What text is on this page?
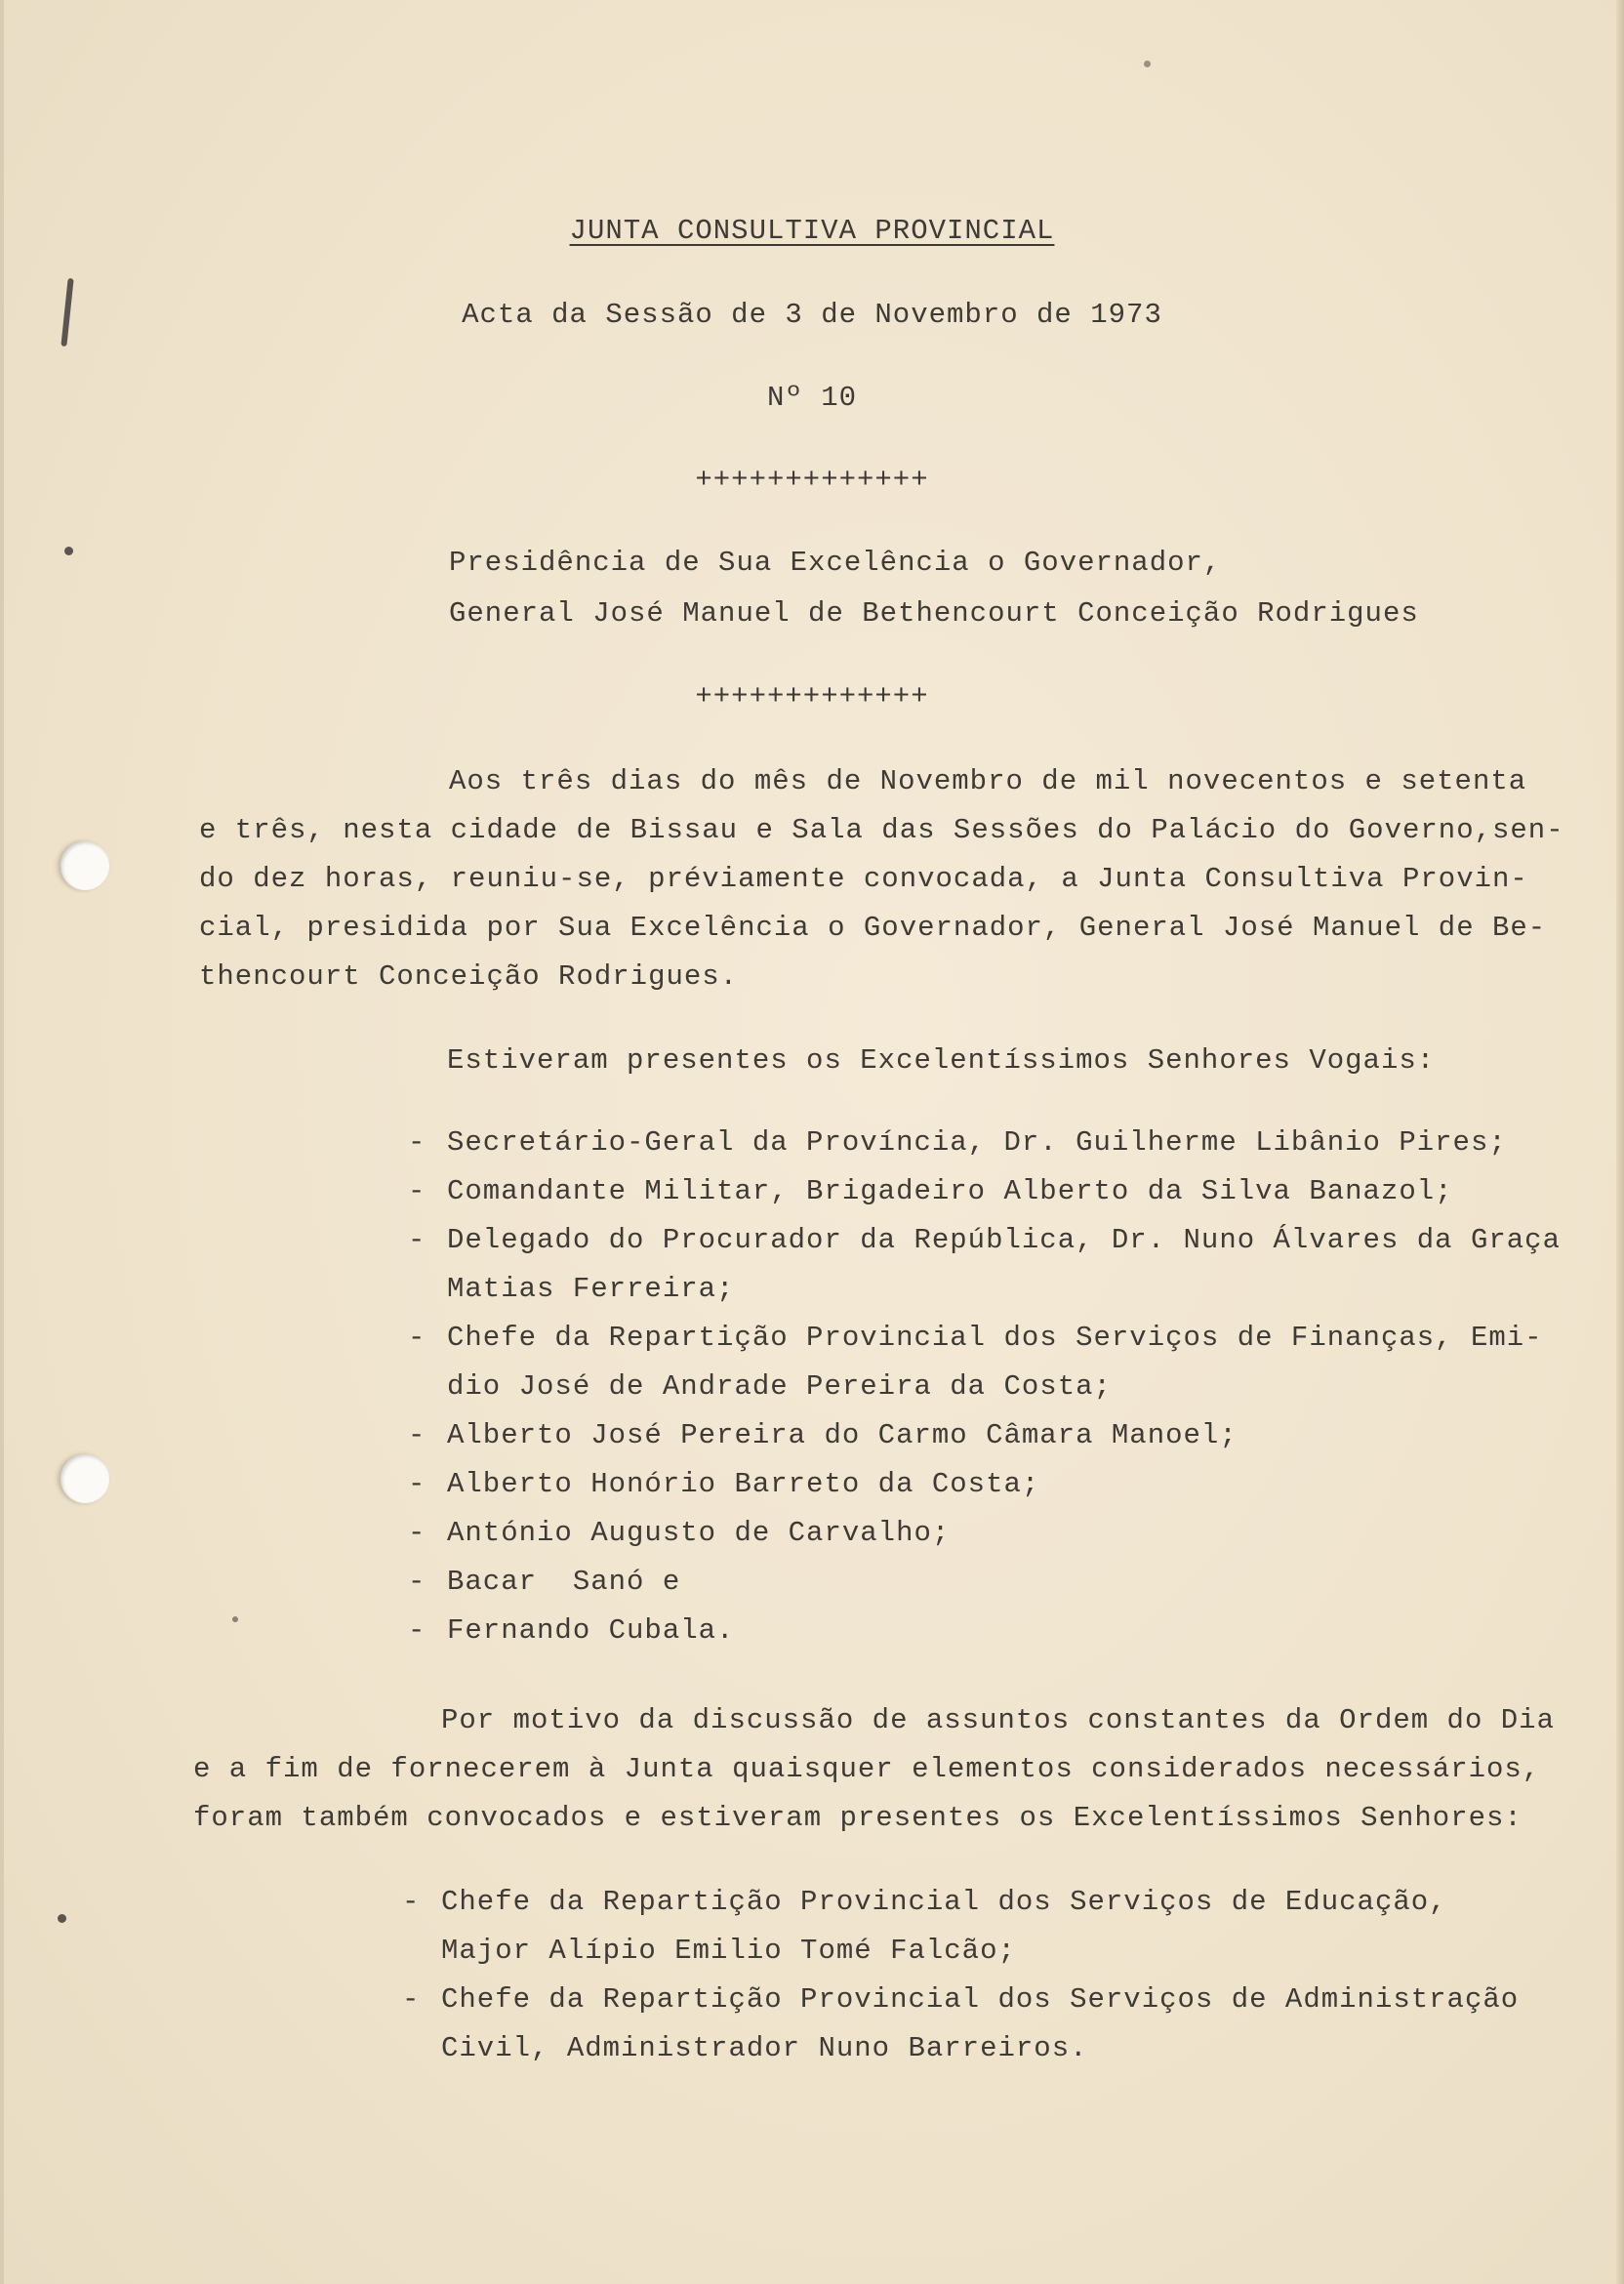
JUNTA CONSULTIVA PROVINCIAL
Acta da Sessão de 3 de Novembro de 1973
Nº 10
+++++++++++++
Presidência de Sua Excelência o Governador,
General José Manuel de Bethencourt Conceição Rodrigues
+++++++++++++
Aos três dias do mês de Novembro de mil novecentos e setenta
e três, nesta cidade de Bissau e Sala das Sessões do Palácio do Governo,sen-
do dez horas, reuniu-se, préviamente convocada, a Junta Consultiva Provin-
cial, presidida por Sua Excelência o Governador, General José Manuel de Be-
thencourt Conceição Rodrigues.
Estiveram presentes os Excelentíssimos Senhores Vogais:
- Secretário-Geral da Província, Dr. Guilherme Libânio Pires;
- Comandante Militar, Brigadeiro Alberto da Silva Banazol;
- Delegado do Procurador da República, Dr. Nuno Álvares da Graça
Matias Ferreira;
- Chefe da Repartição Provincial dos Serviços de Finanças, Emi-
dio José de Andrade Pereira da Costa;
- Alberto José Pereira do Carmo Câmara Manoel;
- Alberto Honório Barreto da Costa;
- António Augusto de Carvalho;
- Bacar  Sanó e
- Fernando Cubala.
Por motivo da discussão de assuntos constantes da Ordem do Dia
e a fim de fornecerem à Junta quaisquer elementos considerados necessários,
foram também convocados e estiveram presentes os Excelentíssimos Senhores:
- Chefe da Repartição Provincial dos Serviços de Educação,
Major Alípio Emilio Tomé Falcão;
- Chefe da Repartição Provincial dos Serviços de Administração
Civil, Administrador Nuno Barreiros.
